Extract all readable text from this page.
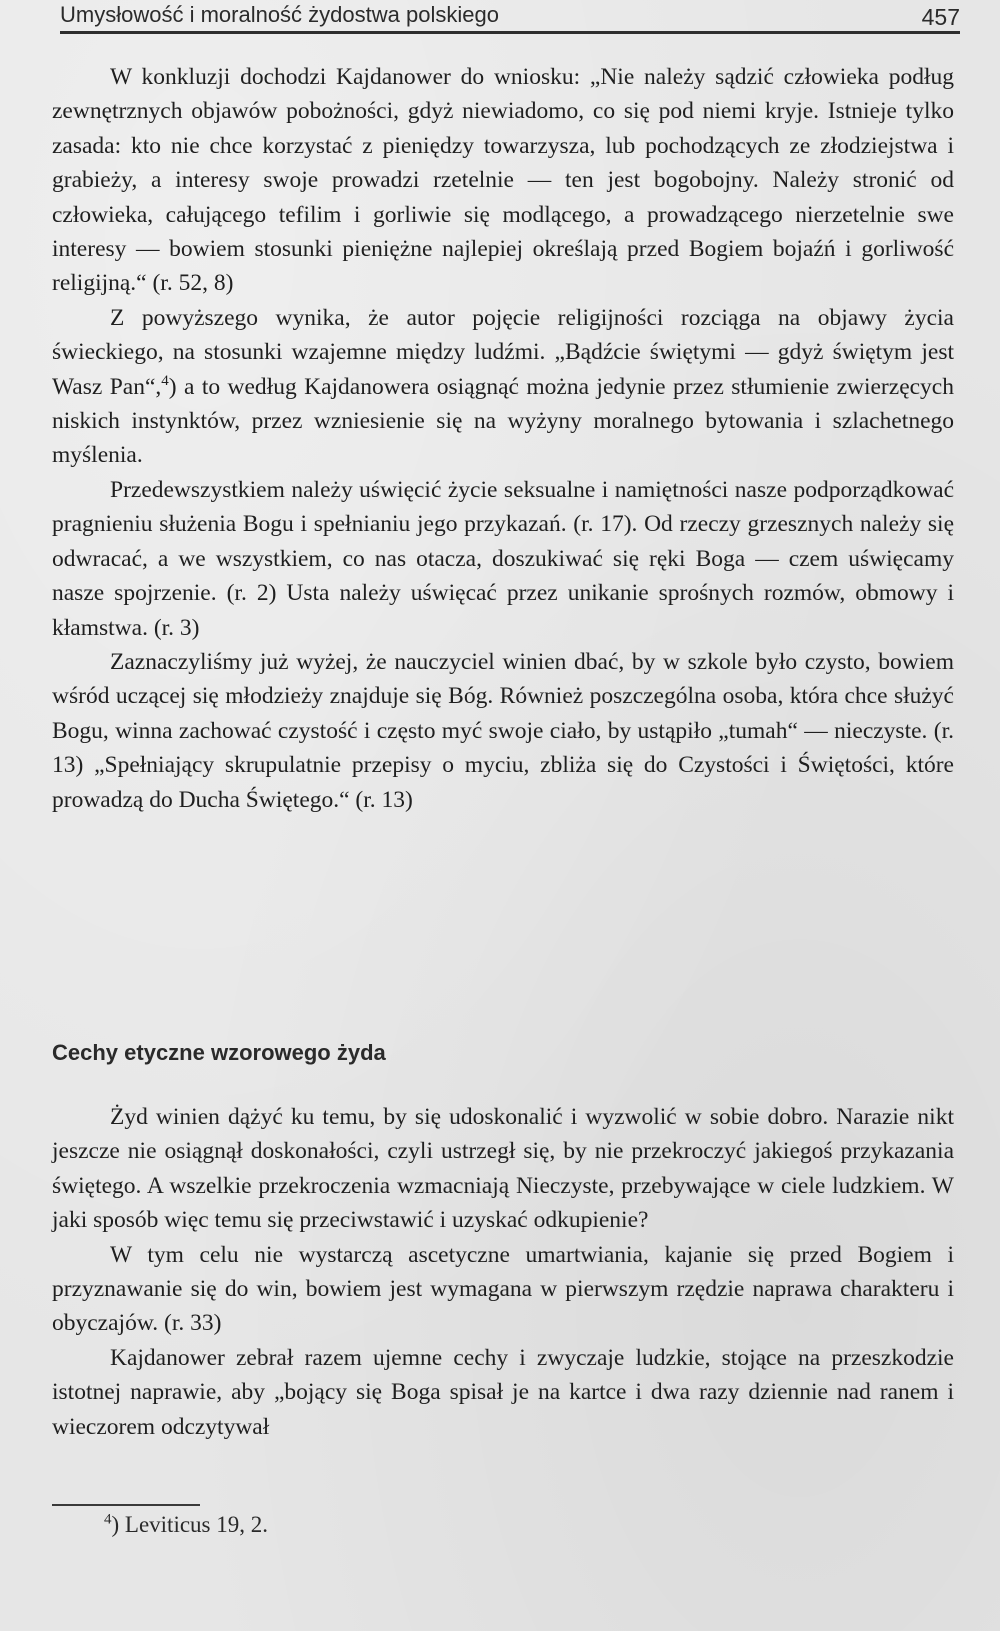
Umysłowość i moralność żydostwa polskiego	457

W konkluzji dochodzi Kajdanower do wniosku: „Nie należy sądzić człowieka podług zewnętrznych objawów pobożności, gdyż niewiadomo, co się pod niemi kryje. Istnieje tylko zasada: kto nie chce korzystać z pieniędzy towarzysza, lub pochodzących ze złodziejstwa i grabieży, a interesy swoje prowadzi rzetelnie — ten jest bogobojny. Należy stronić od człowieka, całującego tefilim i gorliwie się modlącego, a prowadzącego nierzetelnie swe interesy — bowiem stosunki pieniężne najlepiej określają przed Bogiem bojaźń i gorliwość religijną.“ (r. 52, 8)

Z powyższego wynika, że autor pojęcie religijności rozciąga na objawy życia świeckiego, na stosunki wzajemne między ludźmi. „Bądźcie świętymi — gdyż świętym jest Wasz Pan“,$^4$) a to według Kajdanowera osiągnąć można jedynie przez stłumienie zwierzęcych niskich instynktów, przez wzniesienie się na wyżyny moralnego bytowania i szlachetnego myślenia.

Przedewszystkiem należy uświęcić życie seksualne i namiętności nasze podporządkować pragnieniu służenia Bogu i spełnianiu jego przykazań. (r. 17). Od rzeczy grzesznych należy się odwracać, a we wszystkiem, co nas otacza, doszukiwać się ręki Boga — czem uświęcamy nasze spojrzenie. (r. 2) Usta należy uświęcać przez unikanie sprośnych rozmów, obmowy i kłamstwa. (r. 3)

Zaznaczyliśmy już wyżej, że nauczyciel winien dbać, by w szkole było czysto, bowiem wśród uczącej się młodzieży znajduje się Bóg. Również poszczególna osoba, która chce służyć Bogu, winna zachować czystość i często myć swoje ciało, by ustąpiło „tumah“ — nieczyste. (r. 13) „Spełniający skrupulatnie przepisy o myciu, zbliża się do Czystości i Świętości, które prowadzą do Ducha Świętego.“ (r. 13)

Cechy etyczne wzorowego żyda

Żyd winien dążyć ku temu, by się udoskonalić i wyzwolić w sobie dobro. Narazie nikt jeszcze nie osiągnął doskonałości, czyli ustrzegł się, by nie przekroczyć jakiegoś przykazania świętego. A wszelkie przekroczenia wzmacniają Nieczyste, przebywające w ciele ludzkiem. W jaki sposób więc temu się przeciwstawić i uzyskać odkupienie?

W tym celu nie wystarczą ascetyczne umartwiania, kajanie się przed Bogiem i przyznawanie się do win, bowiem jest wymagana w pierwszym rzędzie naprawa charakteru i obyczajów. (r. 33)

Kajdanower zebrał razem ujemne cechy i zwyczaje ludzkie, stojące na przeszkodzie istotnej naprawie, aby „bojący się Boga spisał je na kartce i dwa razy dziennie nad ranem i wieczorem odczytywał

$^4$) Leviticus 19, 2.
